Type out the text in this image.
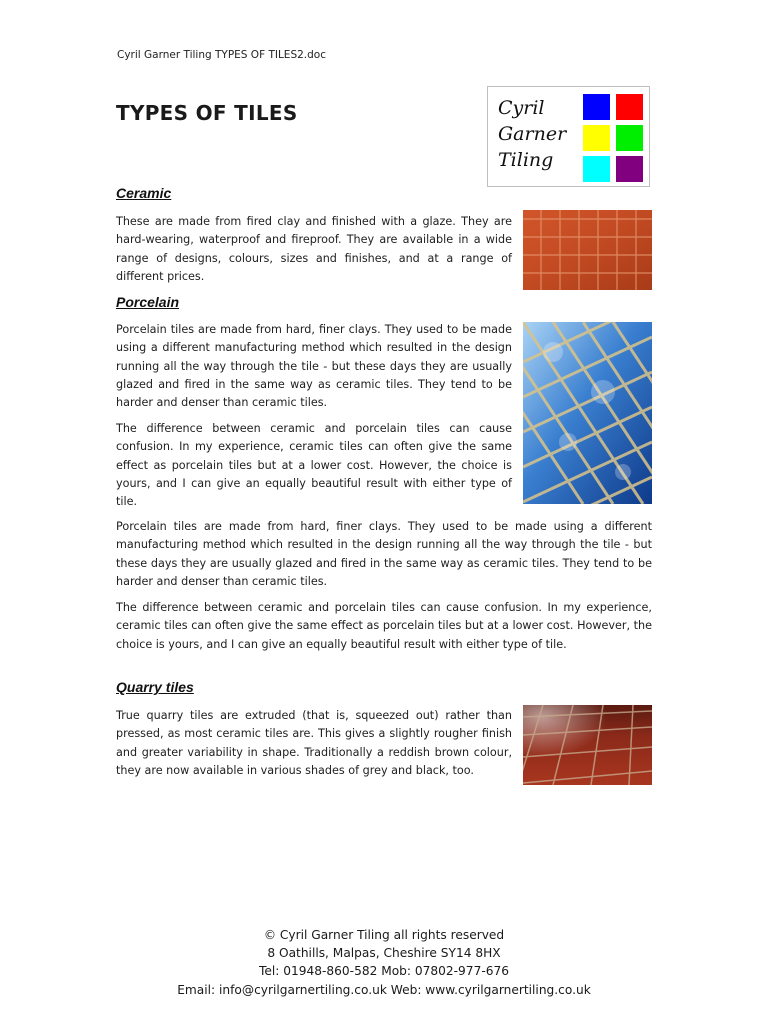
Cyril Garner Tiling TYPES OF TILES2.doc
TYPES OF TILES	Cyril
Garner
Tiling
Ceramic
These are made from fired clay and finished with a glaze. They are hard-wearing, waterproof and fireproof. They are available in a wide range of designs, colours, sizes and finishes, and at a range of different prices.
Porcelain
Porcelain tiles are made from hard, finer clays. They used to be made using a different manufacturing method which resulted in the design running all the way through the tile - but these days they are usually glazed and fired in the same way as ceramic tiles. They tend to be harder and denser than ceramic tiles.
The difference between ceramic and porcelain tiles can cause confusion. In my experience, ceramic tiles can often give the same effect as porcelain tiles but at a lower cost. However, the choice is yours, and I can give an equally beautiful result with either type of tile.
Porcelain tiles are made from hard, finer clays. They used to be made using a different manufacturing method which resulted in the design running all the way through the tile - but these days they are usually glazed and fired in the same way as ceramic tiles. They tend to be harder and denser than ceramic tiles.
The difference between ceramic and porcelain tiles can cause confusion. In my experience, ceramic tiles can often give the same effect as porcelain tiles but at a lower cost. However, the choice is yours, and I can give an equally beautiful result with either type of tile.
Quarry tiles
True quarry tiles are extruded (that is, squeezed out) rather than pressed, as most ceramic tiles are. This gives a slightly rougher finish and greater variability in shape. Traditionally a reddish brown colour, they are now available in various shades of grey and black, too.
© Cyril Garner Tiling all rights reserved
8 Oathills, Malpas, Cheshire SY14 8HX
Tel: 01948-860-582 Mob: 07802-977-676
Email: info@cyrilgarnertiling.co.uk Web: www.cyrilgarnertiling.co.uk
